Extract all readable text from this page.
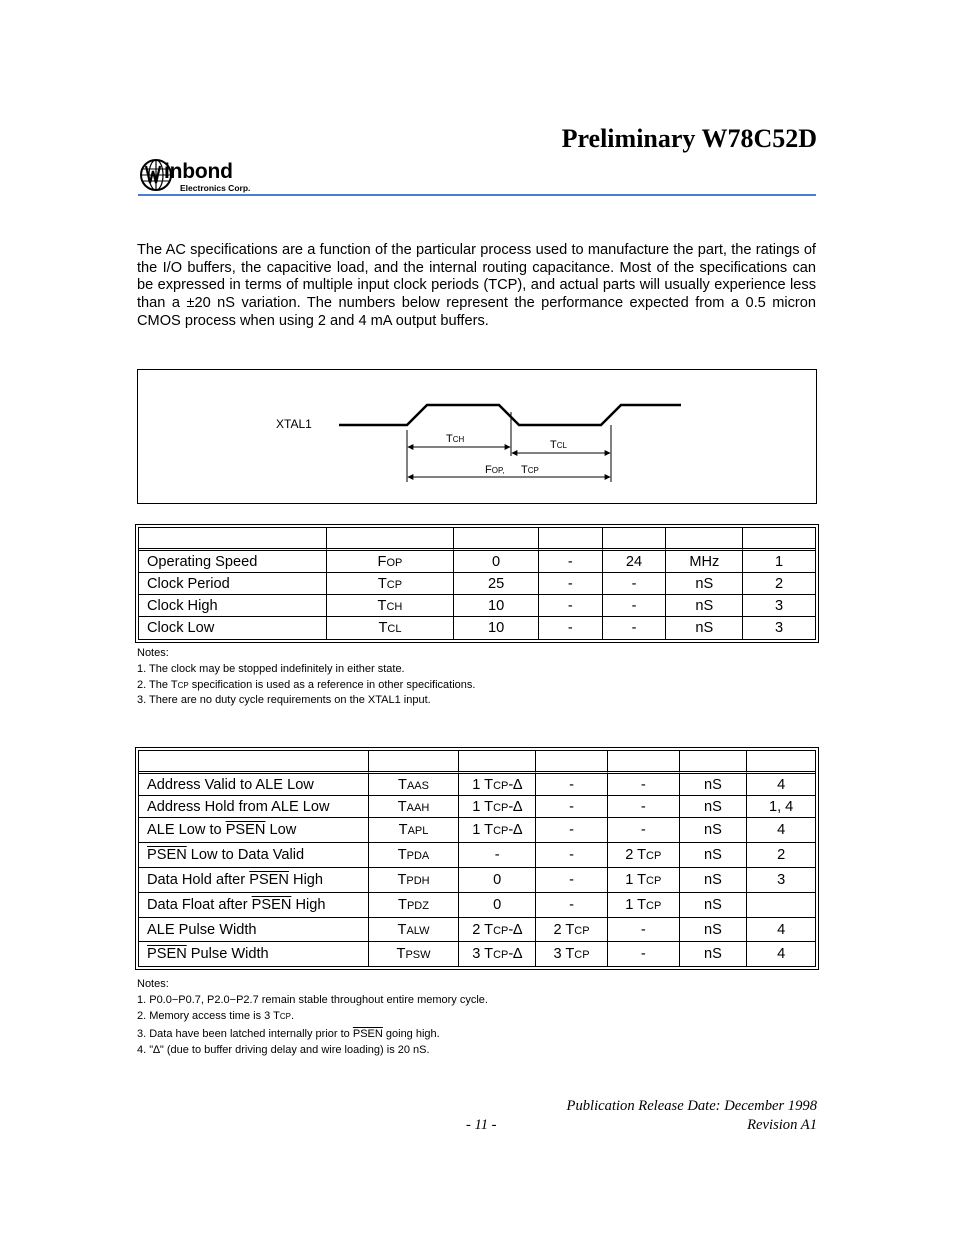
Preliminary W78C52D
inbond
Electronics Corp.

The AC specifications are a function of the particular process used to manufacture the part, the ratings of the I/O buffers, the capacitive load, and the internal routing capacitance. Most of the specifications can be expressed in terms of multiple input clock periods (TCP), and actual parts will usually experience less than a ±20 nS variation. The numbers below represent the performance expected from a 0.5 micron CMOS process when using 2 and 4 mA output buffers.

XTAL1
TCH	TCL
FOP, TCP

Operating Speed	FOP	0	-	24	MHz	1
Clock Period	TCP	25	-	-	nS	2
Clock High	TCH	10	-	-	nS	3
Clock Low	TCL	10	-	-	nS	3
Notes:
1. The clock may be stopped indefinitely in either state.
2. The TCP specification is used as a reference in other specifications.
3. There are no duty cycle requirements on the XTAL1 input.

Address Valid to ALE Low	TAAS	1 TCP-∆	-	-	nS	4
Address Hold from ALE Low	TAAH	1 TCP-∆	-	-	nS	1, 4
ALE Low to PSEN Low	TAPL	1 TCP-∆	-	-	nS	4
PSEN Low to Data Valid	TPDA	-	-	2 TCP	nS	2
Data Hold after PSEN High	TPDH	0	-	1 TCP	nS	3
Data Float after PSEN High	TPDZ	0	-	1 TCP	nS	
ALE Pulse Width	TALW	2 TCP-∆	2 TCP	-	nS	4
PSEN Pulse Width	TPSW	3 TCP-∆	3 TCP	-	nS	4
Notes:
1. P0.0−P0.7, P2.0−P2.7 remain stable throughout entire memory cycle.
2. Memory access time is 3 TCP.
3. Data have been latched internally prior to PSEN going high.
4. "∆" (due to buffer driving delay and wire loading) is 20 nS.
Publication Release Date: December 1998
- 11 -	Revision A1
